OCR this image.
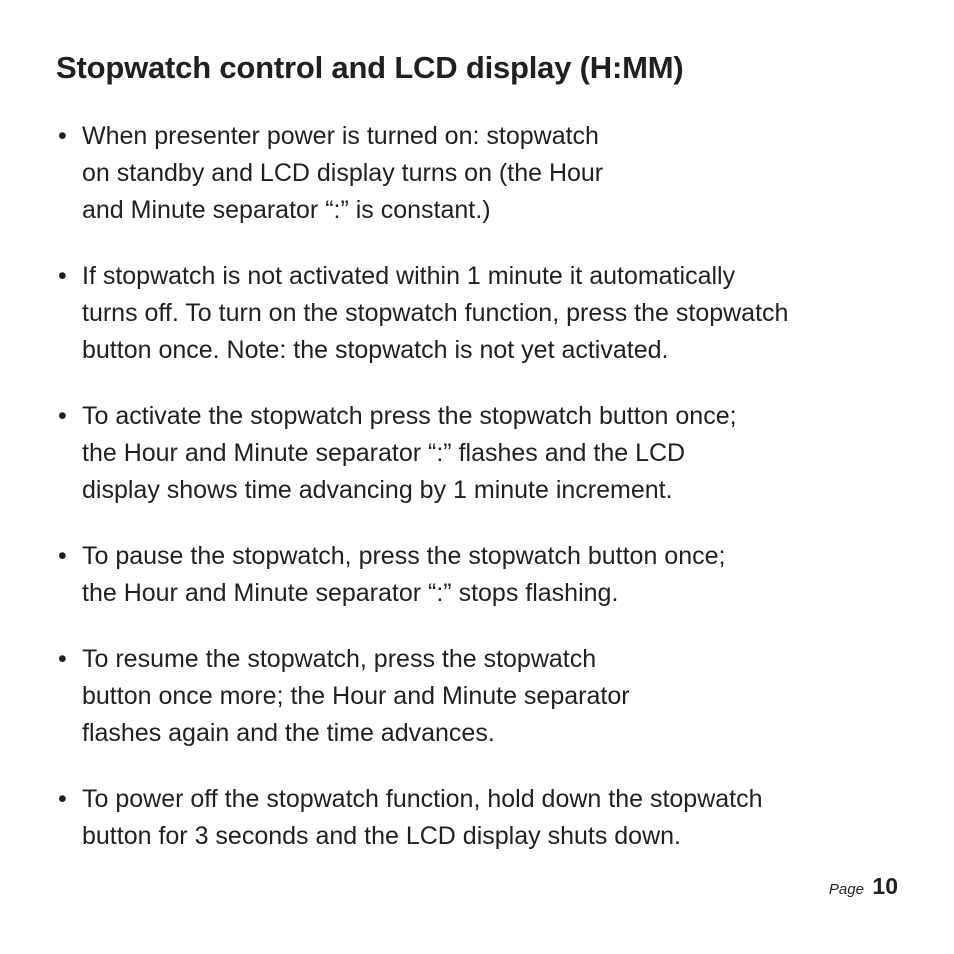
Stopwatch control and LCD display (H:MM)
• When presenter power is turned on: stopwatch
on standby and LCD display turns on (the Hour
and Minute separator “:” is constant.)
• If stopwatch is not activated within 1 minute it automatically
turns off. To turn on the stopwatch function, press the stopwatch
button once. Note: the stopwatch is not yet activated.
• To activate the stopwatch press the stopwatch button once;
the Hour and Minute separator “:” flashes and the LCD
display shows time advancing by 1 minute increment.
• To pause the stopwatch, press the stopwatch button once;
the Hour and Minute separator “:” stops flashing.
• To resume the stopwatch, press the stopwatch
button once more; the Hour and Minute separator
flashes again and the time advances.
• To power off the stopwatch function, hold down the stopwatch
button for 3 seconds and the LCD display shuts down.
Page 10
